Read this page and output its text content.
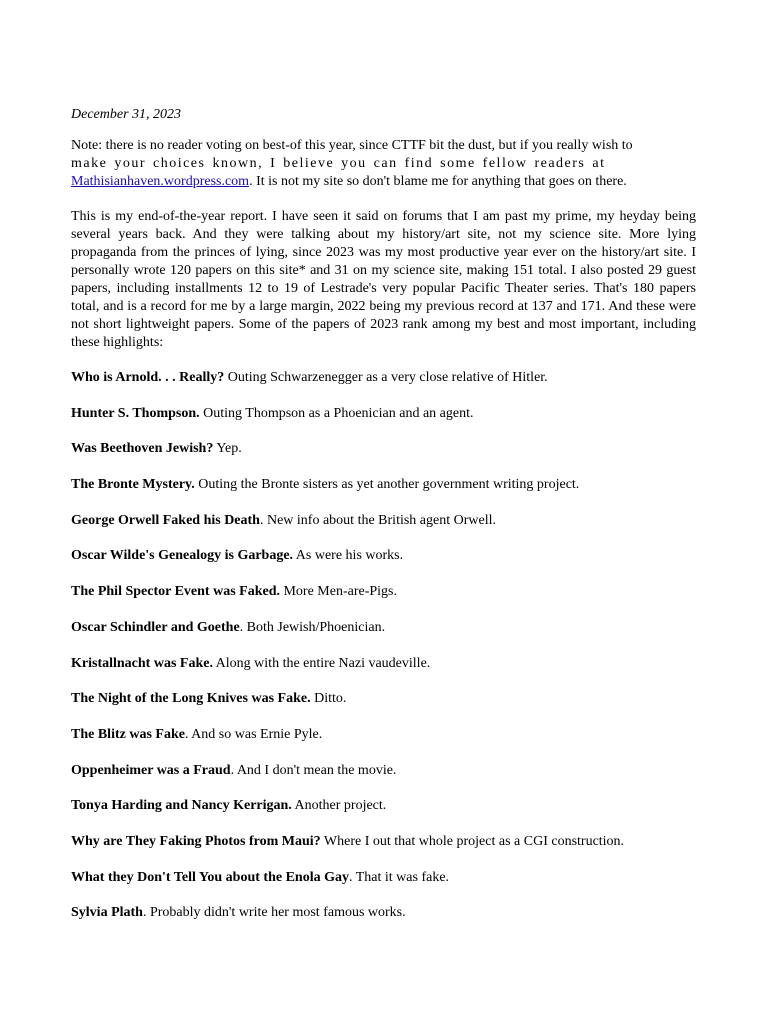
December 31, 2023
Note: there is no reader voting on best-of this year, since CTTF bit the dust, but if you really wish to
make your choices known, I believe you can find some fellow readers at
Mathisianhaven.wordpress.com. It is not my site so don't blame me for anything that goes on there.
This is my end-of-the-year report. I have seen it said on forums that I am past my prime, my heyday being several years back. And they were talking about my history/art site, not my science site. More lying propaganda from the princes of lying, since 2023 was my most productive year ever on the history/art site. I personally wrote 120 papers on this site* and 31 on my science site, making 151 total. I also posted 29 guest papers, including installments 12 to 19 of Lestrade's very popular Pacific Theater series. That's 180 papers total, and is a record for me by a large margin, 2022 being my previous record at 137 and 171. And these were not short lightweight papers. Some of the papers of 2023 rank among my best and most important, including these highlights:
Who is Arnold. . . Really? Outing Schwarzenegger as a very close relative of Hitler.
Hunter S. Thompson. Outing Thompson as a Phoenician and an agent.
Was Beethoven Jewish? Yep.
The Bronte Mystery. Outing the Bronte sisters as yet another government writing project.
George Orwell Faked his Death. New info about the British agent Orwell.
Oscar Wilde's Genealogy is Garbage. As were his works.
The Phil Spector Event was Faked. More Men-are-Pigs.
Oscar Schindler and Goethe. Both Jewish/Phoenician.
Kristallnacht was Fake. Along with the entire Nazi vaudeville.
The Night of the Long Knives was Fake. Ditto.
The Blitz was Fake. And so was Ernie Pyle.
Oppenheimer was a Fraud. And I don't mean the movie.
Tonya Harding and Nancy Kerrigan. Another project.
Why are They Faking Photos from Maui? Where I out that whole project as a CGI construction.
What they Don't Tell You about the Enola Gay. That it was fake.
Sylvia Plath. Probably didn't write her most famous works.
